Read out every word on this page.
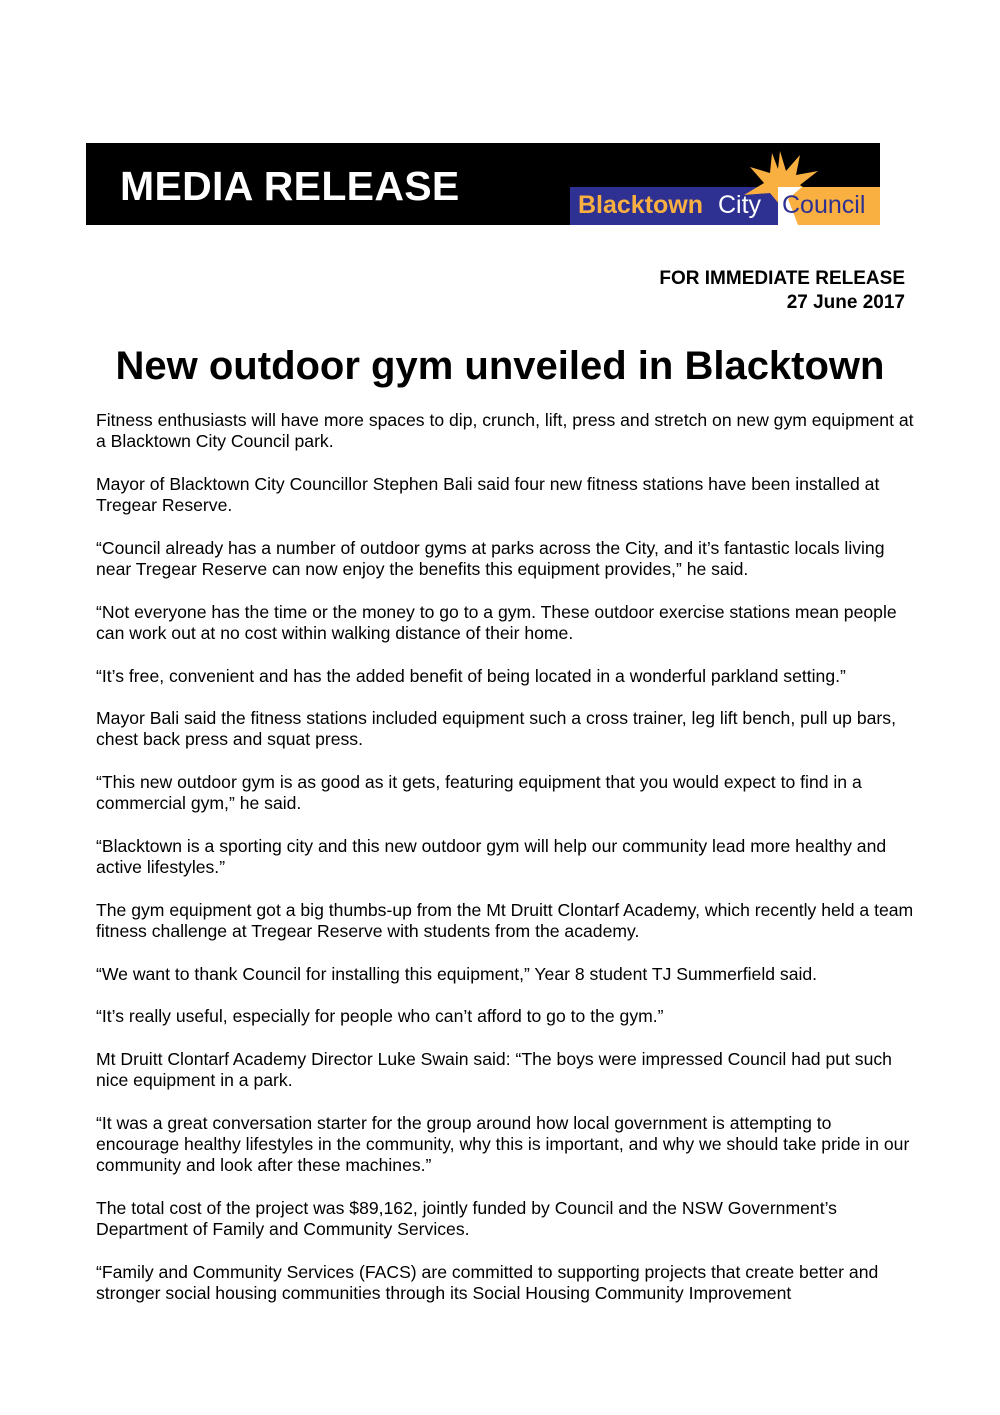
MEDIA RELEASE	Blacktown City Council
FOR IMMEDIATE RELEASE
27 June 2017
New outdoor gym unveiled in Blacktown

Fitness enthusiasts will have more spaces to dip, crunch, lift, press and stretch on new gym equipment at a Blacktown City Council park.

Mayor of Blacktown City Councillor Stephen Bali said four new fitness stations have been installed at Tregear Reserve.

“Council already has a number of outdoor gyms at parks across the City, and it’s fantastic locals living near Tregear Reserve can now enjoy the benefits this equipment provides,” he said.

“Not everyone has the time or the money to go to a gym. These outdoor exercise stations mean people can work out at no cost within walking distance of their home.

“It’s free, convenient and has the added benefit of being located in a wonderful parkland setting.”

Mayor Bali said the fitness stations included equipment such a cross trainer, leg lift bench, pull up bars, chest back press and squat press.

“This new outdoor gym is as good as it gets, featuring equipment that you would expect to find in a commercial gym,” he said.

“Blacktown is a sporting city and this new outdoor gym will help our community lead more healthy and active lifestyles.”

The gym equipment got a big thumbs-up from the Mt Druitt Clontarf Academy, which recently held a team fitness challenge at Tregear Reserve with students from the academy.

“We want to thank Council for installing this equipment,” Year 8 student TJ Summerfield said.

“It’s really useful, especially for people who can’t afford to go to the gym.”

Mt Druitt Clontarf Academy Director Luke Swain said: “The boys were impressed Council had put such nice equipment in a park.

“It was a great conversation starter for the group around how local government is attempting to encourage healthy lifestyles in the community, why this is important, and why we should take pride in our community and look after these machines.”

The total cost of the project was $89,162, jointly funded by Council and the NSW Government’s Department of Family and Community Services.

“Family and Community Services (FACS) are committed to supporting projects that create better and stronger social housing communities through its Social Housing Community Improvement
